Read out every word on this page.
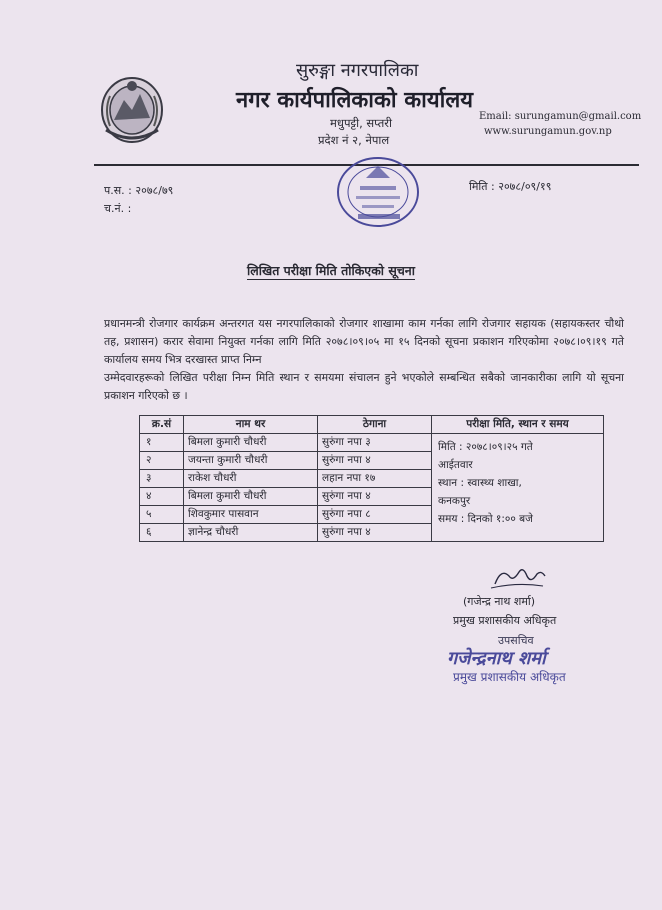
सुरुङ्गा नगरपालिका
नगर कार्यपालिकाको कार्यालय
मधुपट्टी, सप्तरी
प्रदेश नं २, नेपाल
Email: surungamun@gmail.com
www.surungamun.gov.np
प.स. : २०७८/७९
च.नं. :
मिति : २०७८/०९/१९
लिखित परीक्षा मिति तोकिएको सूचना
प्रधानमन्त्री रोजगार कार्यक्रम अन्तरगत यस नगरपालिकाको रोजगार शाखामा काम गर्नका लागि रोजगार सहायक (सहायकस्तर चौथो तह, प्रशासन) करार सेवामा नियुक्त गर्नका लागि मिति २०७८।०९।०५ मा १५ दिनको सूचना प्रकाशन गरिएकोमा २०७८।०९।१९ गते कार्यालय समय भित्र दरखास्त प्राप्त निम्न
उम्मेदवारहरूको लिखित परीक्षा निम्न मिति स्थान र समयमा संचालन हुने भएकोले सम्बन्धित सबैको जानकारीका लागि यो सूचना प्रकाशन गरिएको छ ।
क्र.सं	नाम थर	ठेगाना	परीक्षा मिति, स्थान र समय
१	बिमला कुमारी चौधरी	सुरुंगा नपा ३	मिति : २०७८।०९।२५ गते
आईतवार
स्थान : स्वास्थ्य शाखा,
कनकपुर
समय : दिनको १:०० बजे

२	जयन्ता कुमारी चौधरी	सुरुंगा नपा ४	
३	राकेश चौधरी	लहान नपा १७	
४	बिमला कुमारी चौधरी	सुरुंगा नपा ४	
५	शिवकुमार पासवान	सुरुंगा नपा ८	
६	ज्ञानेन्द्र चौधरी	सुरुंगा नपा ४	
(गजेन्द्र नाथ शर्मा)
प्रमुख प्रशासकीय अधिकृत
उपसचिव
गजेन्द्रनाथ शर्मा
प्रमुख प्रशासकीय अधिकृत
